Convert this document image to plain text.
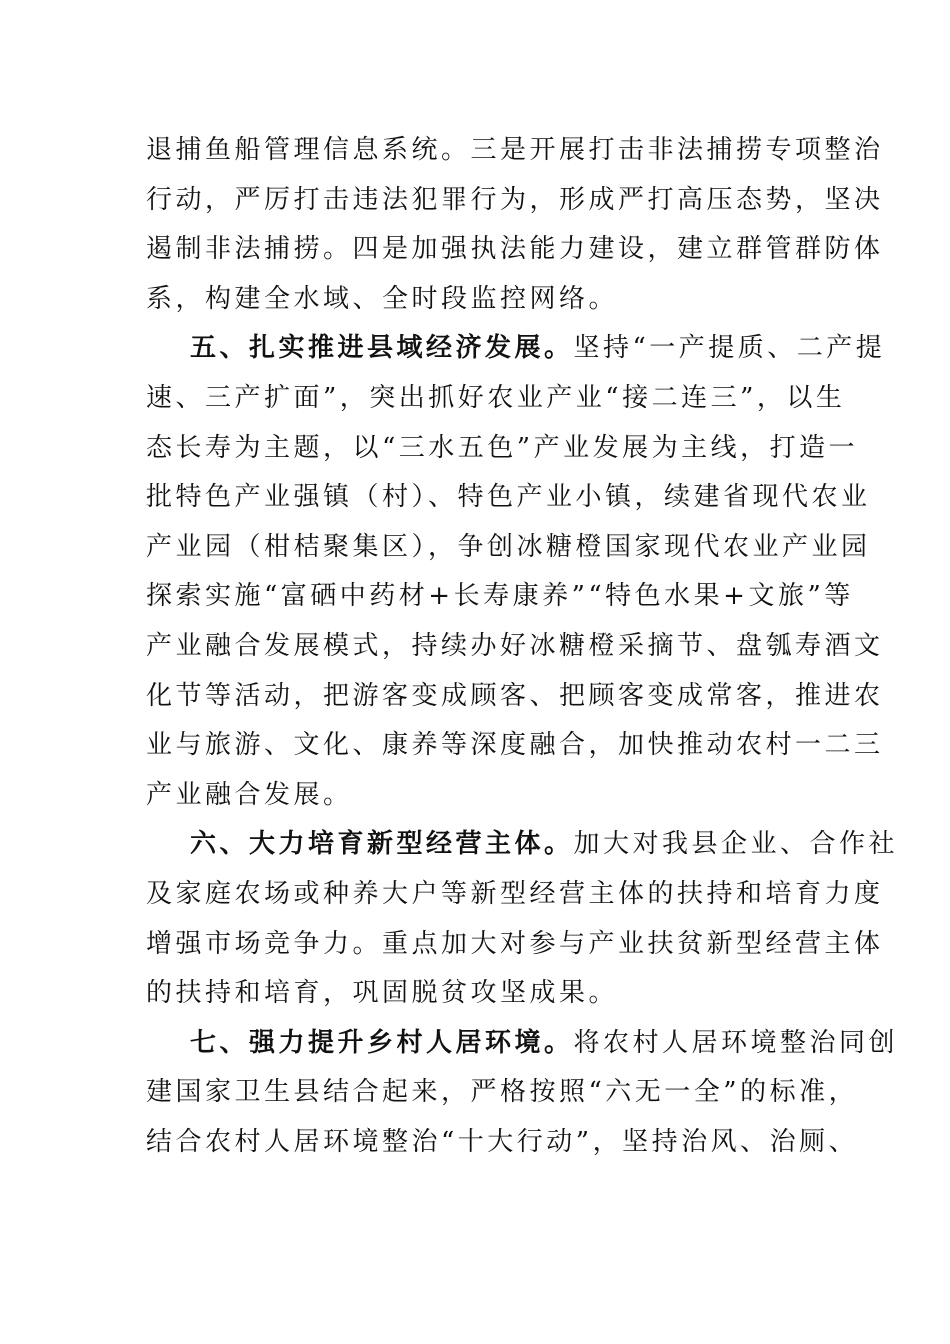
退捕鱼船管理信息系统。三是开展打击非法捕捞专项整治
行动，严厉打击违法犯罪行为，形成严打高压态势，坚决
遏制非法捕捞。四是加强执法能力建设，建立群管群防体
系，构建全水域、全时段监控网络。
五、扎实推进县域经济发展。坚持“一产提质、二产提
速、三产扩面”，突出抓好农业产业“接二连三”，以生
态长寿为主题，以“三水五色”产业发展为主线，打造一
批特色产业强镇（村）、特色产业小镇，续建省现代农业
产业园（柑桔聚集区），争创冰糖橙国家现代农业产业园
探索实施“富硒中药材+长寿康养”“特色水果+文旅”等
产业融合发展模式，持续办好冰糖橙采摘节、盘瓠寿酒文
化节等活动，把游客变成顾客、把顾客变成常客，推进农
业与旅游、文化、康养等深度融合，加快推动农村一二三
产业融合发展。
六、大力培育新型经营主体。加大对我县企业、合作社
及家庭农场或种养大户等新型经营主体的扶持和培育力度
增强市场竞争力。重点加大对参与产业扶贫新型经营主体
的扶持和培育，巩固脱贫攻坚成果。
七、强力提升乡村人居环境。将农村人居环境整治同创
建国家卫生县结合起来，严格按照“六无一全”的标准，
结合农村人居环境整治“十大行动”，坚持治风、治厕、
